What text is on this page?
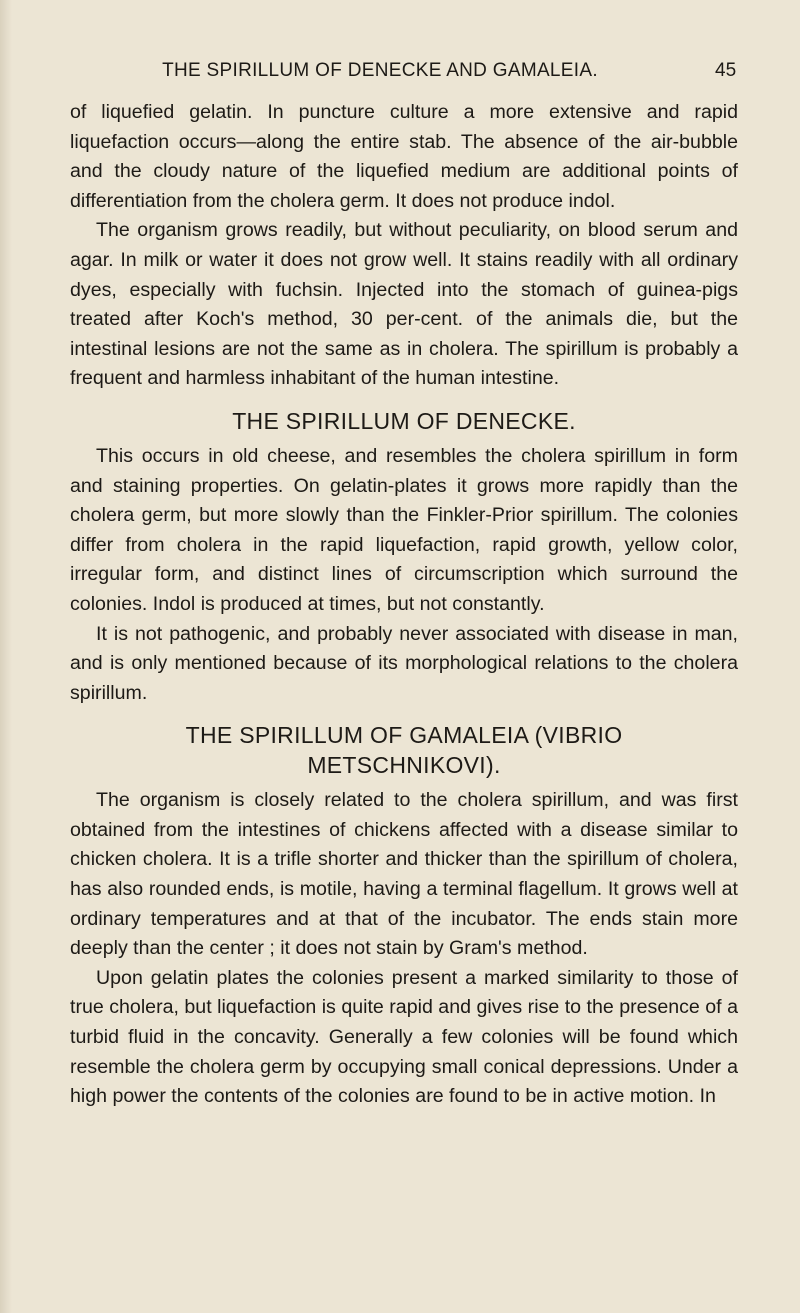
THE SPIRILLUM OF DENECKE AND GAMALEIA.	45

of liquefied gelatin. In puncture culture a more extensive and rapid liquefaction occurs—along the entire stab. The absence of the air-bubble and the cloudy nature of the liquefied medium are additional points of differentiation from the cholera germ. It does not produce indol.

The organism grows readily, but without peculiarity, on blood serum and agar. In milk or water it does not grow well. It stains readily with all ordinary dyes, especially with fuchsin. Injected into the stomach of guinea-pigs treated after Koch's method, 30 per-cent. of the animals die, but the intestinal lesions are not the same as in cholera. The spirillum is probably a frequent and harmless inhabitant of the human intestine.

THE SPIRILLUM OF DENECKE.

This occurs in old cheese, and resembles the cholera spirillum in form and staining properties. On gelatin-plates it grows more rapidly than the cholera germ, but more slowly than the Finkler-Prior spirillum. The colonies differ from cholera in the rapid liquefaction, rapid growth, yellow color, irregular form, and distinct lines of circumscription which surround the colonies. Indol is produced at times, but not constantly.

It is not pathogenic, and probably never associated with disease in man, and is only mentioned because of its morphological relations to the cholera spirillum.

THE SPIRILLUM OF GAMALEIA (VIBRIO
METSCHNIKOVI).

The organism is closely related to the cholera spirillum, and was first obtained from the intestines of chickens affected with a disease similar to chicken cholera. It is a trifle shorter and thicker than the spirillum of cholera, has also rounded ends, is motile, having a terminal flagellum. It grows well at ordinary temperatures and at that of the incubator. The ends stain more deeply than the center ; it does not stain by Gram's method.

Upon gelatin plates the colonies present a marked similarity to those of true cholera, but liquefaction is quite rapid and gives rise to the presence of a turbid fluid in the concavity. Generally a few colonies will be found which resemble the cholera germ by occupying small conical depressions. Under a high power the contents of the colonies are found to be in active motion. In
